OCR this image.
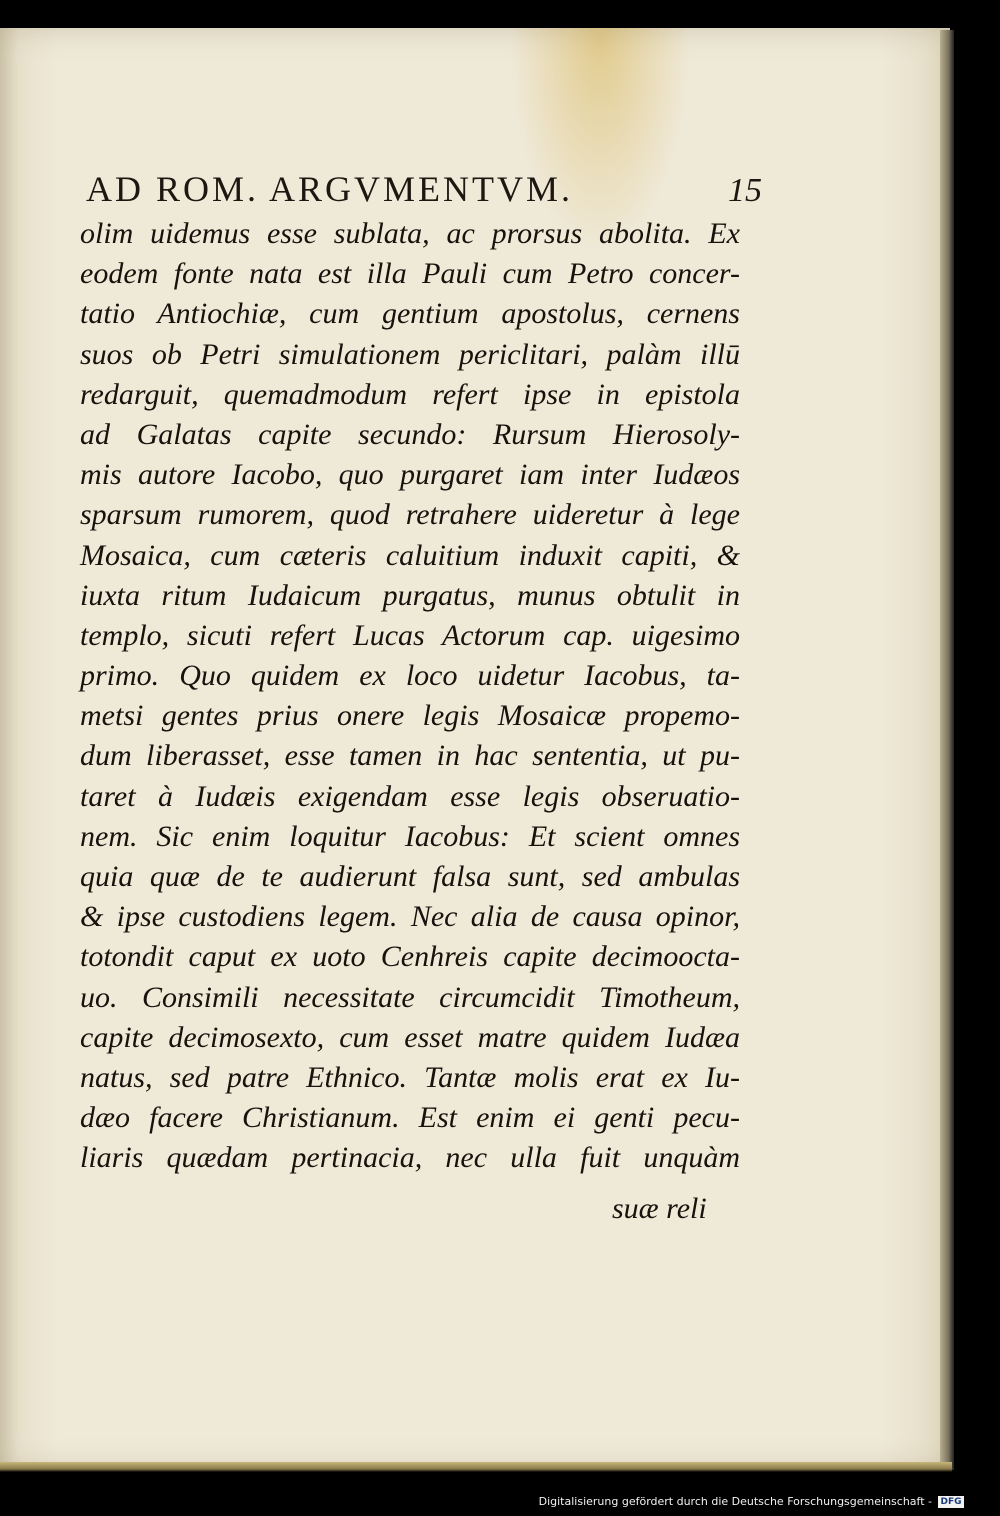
AD ROM. ARGVMENTVM.	15
olim uidemus esse sublata, ac prorsus abolita. Ex
eodem fonte nata est illa Pauli cum Petro concer-
tatio Antiochiæ, cum gentium apostolus, cernens
suos ob Petri simulationem periclitari, palàm illū
redarguit, quemadmodum refert ipse in epistola
ad Galatas capite secundo: Rursum Hierosoly-
mis autore Iacobo, quo purgaret iam inter Iudæos
sparsum rumorem, quod retrahere uideretur à lege
Mosaica, cum cæteris caluitium induxit capiti, &
iuxta ritum Iudaicum purgatus, munus obtulit in
templo, sicuti refert Lucas Actorum cap. uigesimo
primo. Quo quidem ex loco uidetur Iacobus, ta-
metsi gentes prius onere legis Mosaicæ propemo-
dum liberasset, esse tamen in hac sententia, ut pu-
taret à Iudæis exigendam esse legis obseruatio-
nem. Sic enim loquitur Iacobus: Et scient omnes
quia quæ de te audierunt falsa sunt, sed ambulas
& ipse custodiens legem. Nec alia de causa opinor,
totondit caput ex uoto Cenhreis capite decimoocta-
uo. Consimili necessitate circumcidit Timotheum,
capite decimosexto, cum esset matre quidem Iudæa
natus, sed patre Ethnico. Tantæ molis erat ex Iu-
dæo facere Christianum. Est enim ei genti pecu-
liaris quædam pertinacia, nec ulla fuit unquàm
suæ reli
Digitalisierung gefördert durch die Deutsche Forschungsgemeinschaft - DFG
